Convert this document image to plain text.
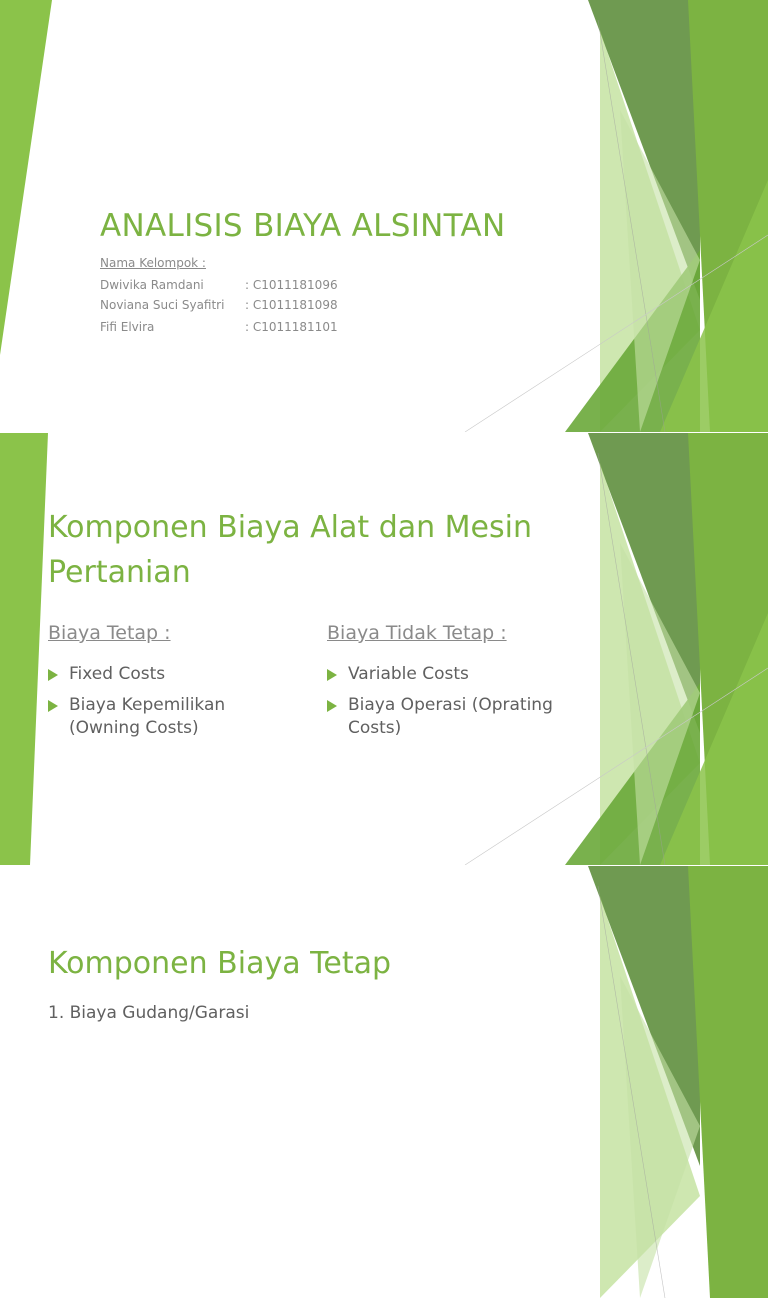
ANALISIS BIAYA ALSINTAN
Nama Kelompok :
Dwivika Ramdani	: C1011181096
Noviana Suci Syafitri : C1011181098
Fifi Elvira	: C1011181101
Komponen Biaya Alat dan Mesin Pertanian
Biaya Tetap :	Biaya Tidak Tetap :
Fixed Costs
Biaya Kepemilikan (Owning Costs)
Variable Costs
Biaya Operasi (Oprating Costs)
Komponen Biaya Tetap
1. Biaya Gudang/Garasi
